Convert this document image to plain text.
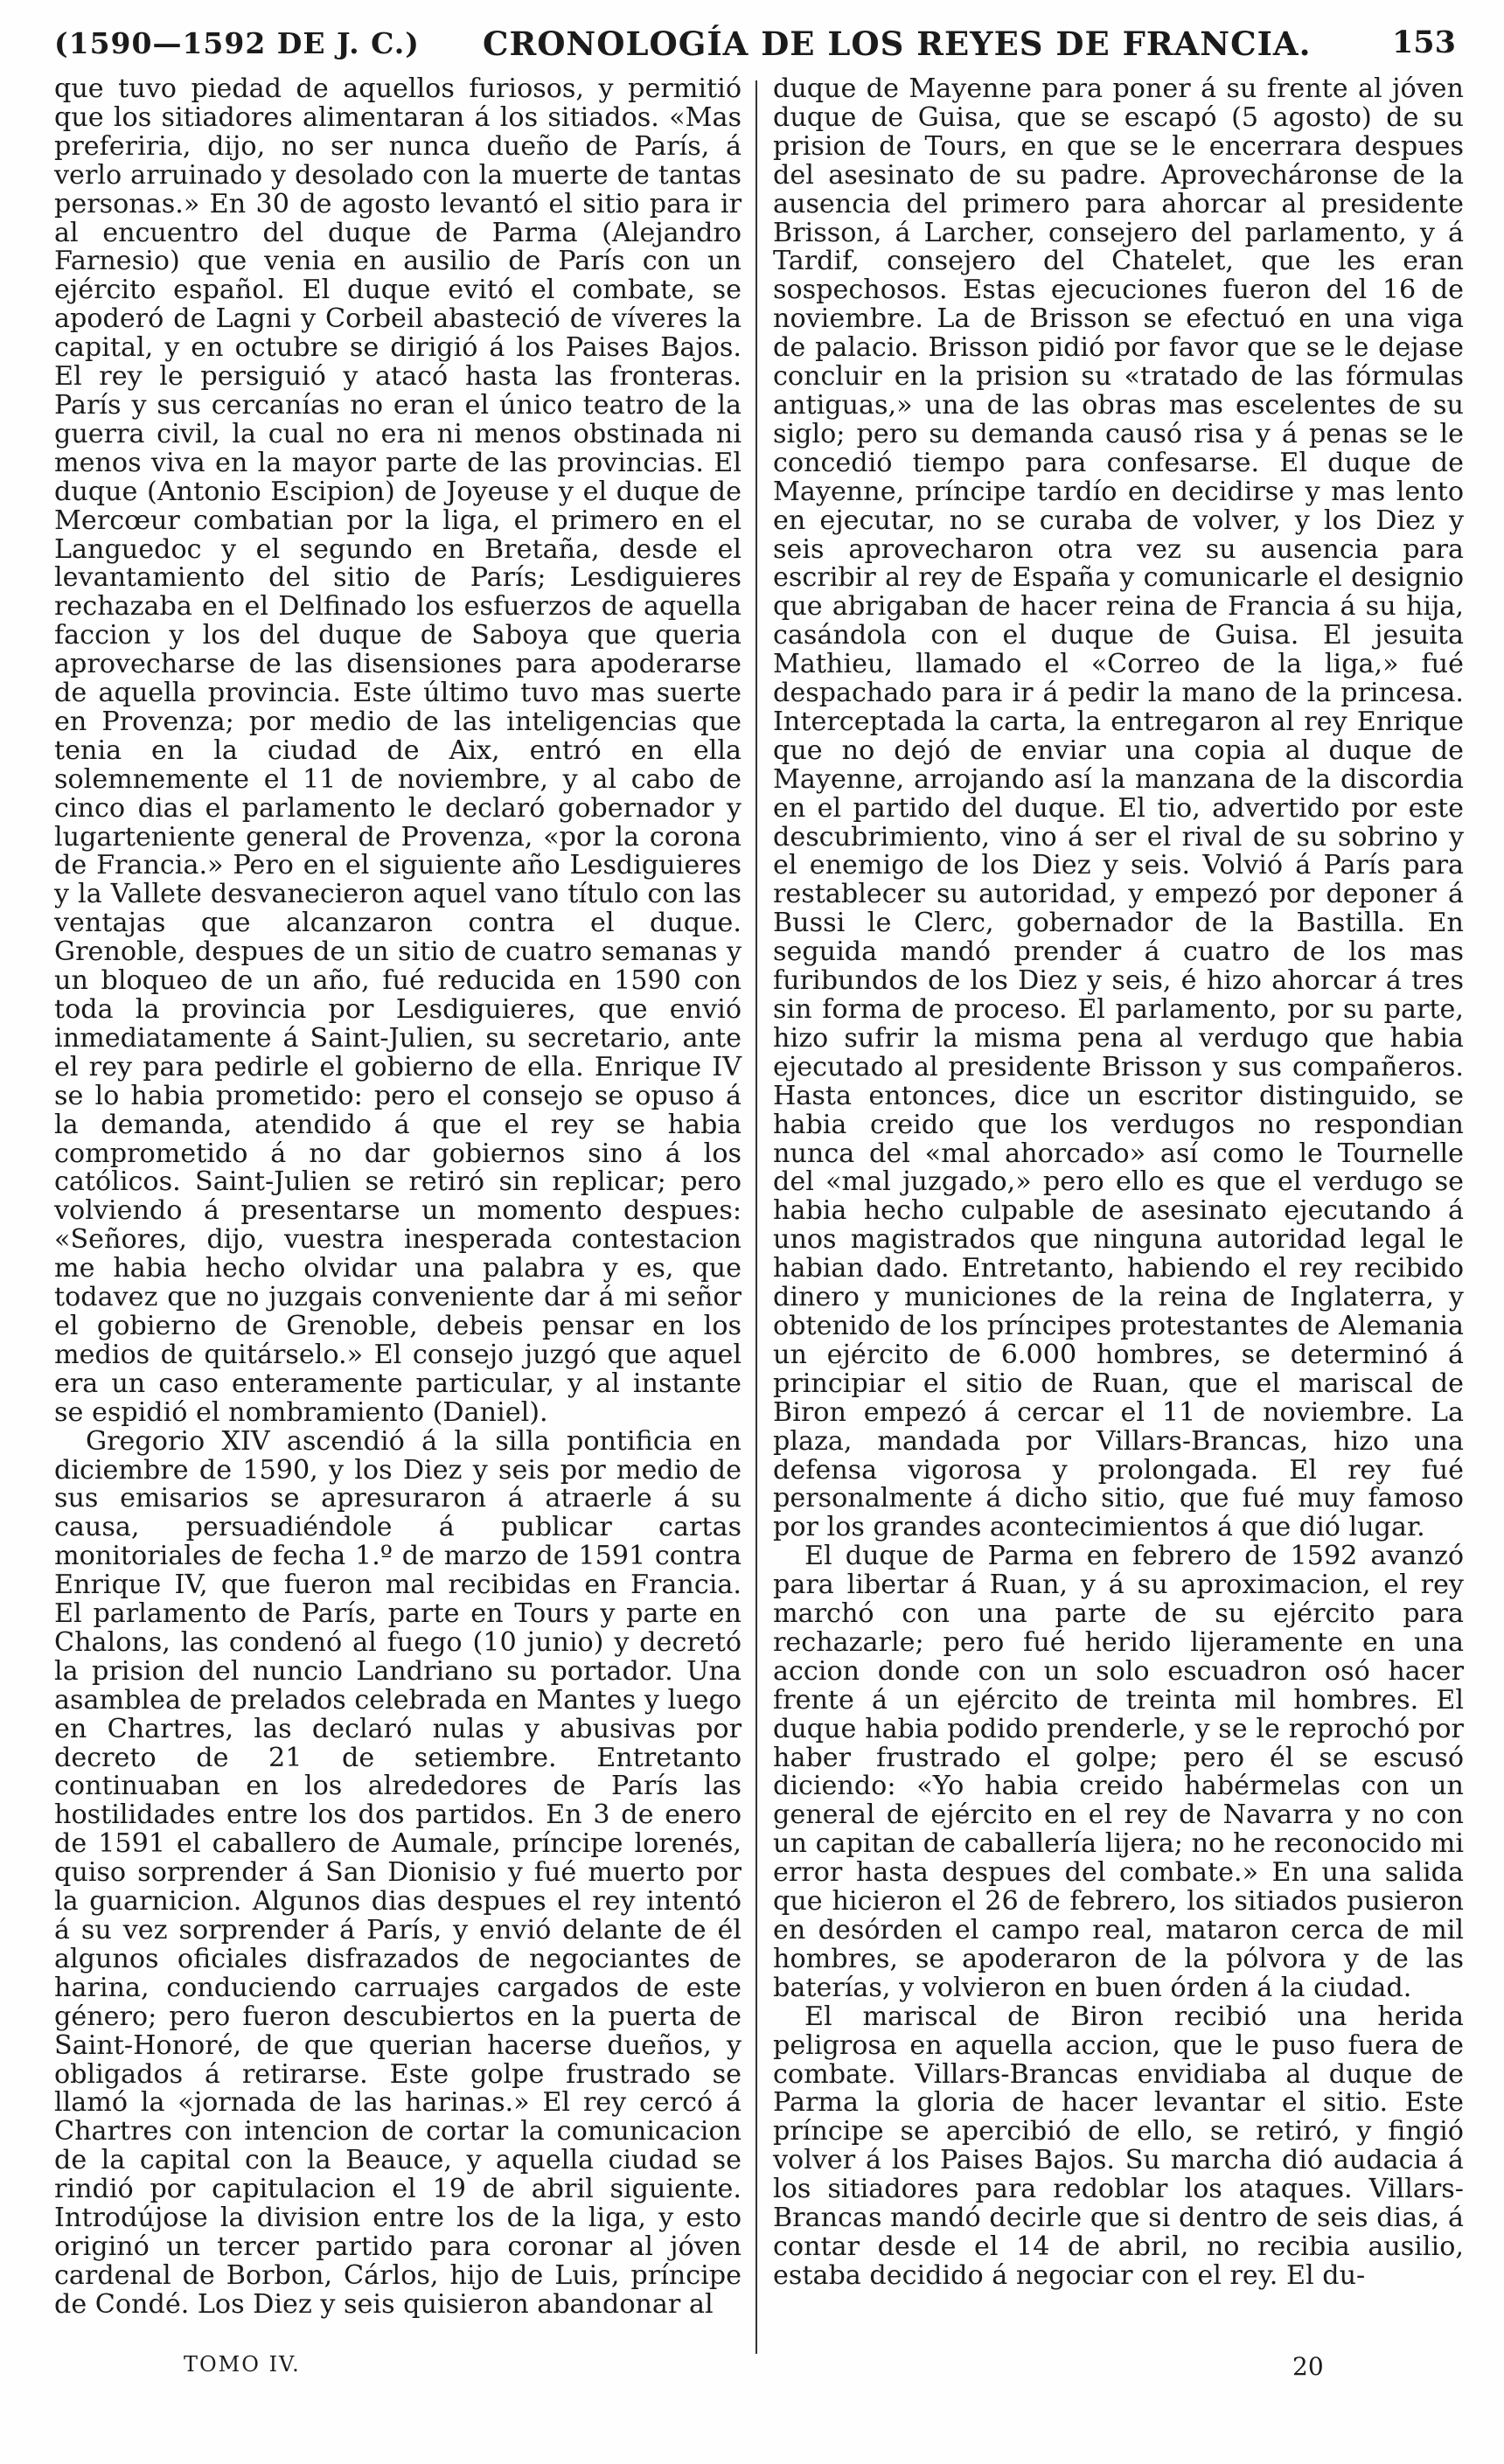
(1590—1592 DE J. C.) CRONOLOGÍA DE LOS REYES DE FRANCIA.	153

que tuvo piedad de aquellos furiosos, y permitió que los sitiadores alimentaran á los sitiados. «Mas preferiria, dijo, no ser nunca dueño de París, á verlo arruinado y desolado con la muerte de tantas personas.» En 30 de agosto levantó el sitio para ir al encuentro del duque de Parma (Alejandro Farnesio) que venia en ausilio de París con un ejército español. El duque evitó el combate, se apoderó de Lagni y Corbeil abasteció de víveres la capital, y en octubre se dirigió á los Paises Bajos. El rey le persiguió y atacó hasta las fronteras. París y sus cercanías no eran el único teatro de la guerra civil, la cual no era ni menos obstinada ni menos viva en la mayor parte de las provincias. El duque (Antonio Escipion) de Joyeuse y el duque de Mercœur combatian por la liga, el primero en el Languedoc y el segundo en Bretaña, desde el levantamiento del sitio de París; Lesdiguieres rechazaba en el Delfinado los esfuerzos de aquella faccion y los del duque de Saboya que queria aprovecharse de las disensiones para apoderarse de aquella provincia. Este último tuvo mas suerte en Provenza; por medio de las inteligencias que tenia en la ciudad de Aix, entró en ella solemnemente el 11 de noviembre, y al cabo de cinco dias el parlamento le declaró gobernador y lugarteniente general de Provenza, «por la corona de Francia.» Pero en el siguiente año Lesdiguieres y la Vallete desvanecieron aquel vano título con las ventajas que alcanzaron contra el duque. Grenoble, despues de un sitio de cuatro semanas y un bloqueo de un año, fué reducida en 1590 con toda la provincia por Lesdiguieres, que envió inmediatamente á Saint-Julien, su secretario, ante el rey para pedirle el gobierno de ella. Enrique IV se lo habia prometido: pero el consejo se opuso á la demanda, atendido á que el rey se habia comprometido á no dar gobiernos sino á los católicos. Saint-Julien se retiró sin replicar; pero volviendo á presentarse un momento despues: «Señores, dijo, vuestra inesperada contestacion me habia hecho olvidar una palabra y es, que todavez que no juzgais conveniente dar á mi señor el gobierno de Grenoble, debeis pensar en los medios de quitárselo.» El consejo juzgó que aquel era un caso enteramente particular, y al instante se espidió el nombramiento (Daniel).

Gregorio XIV ascendió á la silla pontificia en diciembre de 1590, y los Diez y seis por medio de sus emisarios se apresuraron á atraerle á su causa, persuadiéndole á publicar cartas monitoriales de fecha 1.º de marzo de 1591 contra Enrique IV, que fueron mal recibidas en Francia. El parlamento de París, parte en Tours y parte en Chalons, las condenó al fuego (10 junio) y decretó la prision del nuncio Landriano su portador. Una asamblea de prelados celebrada en Mantes y luego en Chartres, las declaró nulas y abusivas por decreto de 21 de setiembre. Entretanto continuaban en los alrededores de París las hostilidades entre los dos partidos. En 3 de enero de 1591 el caballero de Aumale, príncipe lorenés, quiso sorprender á San Dionisio y fué muerto por la guarnicion. Algunos dias despues el rey intentó á su vez sorprender á París, y envió delante de él algunos oficiales disfrazados de negociantes de harina, conduciendo carruajes cargados de este género; pero fueron descubiertos en la puerta de Saint-Honoré, de que querian hacerse dueños, y obligados á retirarse. Este golpe frustrado se llamó la «jornada de las harinas.» El rey cercó á Chartres con intencion de cortar la comunicacion de la capital con la Beauce, y aquella ciudad se rindió por capitulacion el 19 de abril siguiente. Introdújose la division entre los de la liga, y esto originó un tercer partido para coronar al jóven cardenal de Borbon, Cárlos, hijo de Luis, príncipe de Condé. Los Diez y seis quisieron abandonar al

duque de Mayenne para poner á su frente al jóven duque de Guisa, que se escapó (5 agosto) de su prision de Tours, en que se le encerrara despues del asesinato de su padre. Aprovecháronse de la ausencia del primero para ahorcar al presidente Brisson, á Larcher, consejero del parlamento, y á Tardif, consejero del Chatelet, que les eran sospechosos. Estas ejecuciones fueron del 16 de noviembre. La de Brisson se efectuó en una viga de palacio. Brisson pidió por favor que se le dejase concluir en la prision su «tratado de las fórmulas antiguas,» una de las obras mas escelentes de su siglo; pero su demanda causó risa y á penas se le concedió tiempo para confesarse. El duque de Mayenne, príncipe tardío en decidirse y mas lento en ejecutar, no se curaba de volver, y los Diez y seis aprovecharon otra vez su ausencia para escribir al rey de España y comunicarle el designio que abrigaban de hacer reina de Francia á su hija, casándola con el duque de Guisa. El jesuita Mathieu, llamado el «Correo de la liga,» fué despachado para ir á pedir la mano de la princesa. Interceptada la carta, la entregaron al rey Enrique que no dejó de enviar una copia al duque de Mayenne, arrojando así la manzana de la discordia en el partido del duque. El tio, advertido por este descubrimiento, vino á ser el rival de su sobrino y el enemigo de los Diez y seis. Volvió á París para restablecer su autoridad, y empezó por deponer á Bussi le Clerc, gobernador de la Bastilla. En seguida mandó prender á cuatro de los mas furibundos de los Diez y seis, é hizo ahorcar á tres sin forma de proceso. El parlamento, por su parte, hizo sufrir la misma pena al verdugo que habia ejecutado al presidente Brisson y sus compañeros. Hasta entonces, dice un escritor distinguido, se habia creido que los verdugos no respondian nunca del «mal ahorcado» así como le Tournelle del «mal juzgado,» pero ello es que el verdugo se habia hecho culpable de asesinato ejecutando á unos magistrados que ninguna autoridad legal le habian dado. Entretanto, habiendo el rey recibido dinero y municiones de la reina de Inglaterra, y obtenido de los príncipes protestantes de Alemania un ejército de 6.000 hombres, se determinó á principiar el sitio de Ruan, que el mariscal de Biron empezó á cercar el 11 de noviembre. La plaza, mandada por Villars-Brancas, hizo una defensa vigorosa y prolongada. El rey fué personalmente á dicho sitio, que fué muy famoso por los grandes acontecimientos á que dió lugar.

El duque de Parma en febrero de 1592 avanzó para libertar á Ruan, y á su aproximacion, el rey marchó con una parte de su ejército para rechazarle; pero fué herido lijeramente en una accion donde con un solo escuadron osó hacer frente á un ejército de treinta mil hombres. El duque habia podido prenderle, y se le reprochó por haber frustrado el golpe; pero él se escusó diciendo: «Yo habia creido habérmelas con un general de ejército en el rey de Navarra y no con un capitan de caballería lijera; no he reconocido mi error hasta despues del combate.» En una salida que hicieron el 26 de febrero, los sitiados pusieron en desórden el campo real, mataron cerca de mil hombres, se apoderaron de la pólvora y de las baterías, y volvieron en buen órden á la ciudad.

El mariscal de Biron recibió una herida peligrosa en aquella accion, que le puso fuera de combate. Villars-Brancas envidiaba al duque de Parma la gloria de hacer levantar el sitio. Este príncipe se apercibió de ello, se retiró, y fingió volver á los Paises Bajos. Su marcha dió audacia á los sitiadores para redoblar los ataques. Villars-Brancas mandó decirle que si dentro de seis dias, á contar desde el 14 de abril, no recibia ausilio, estaba decidido á negociar con el rey. El du-

TOMO IV.	20
